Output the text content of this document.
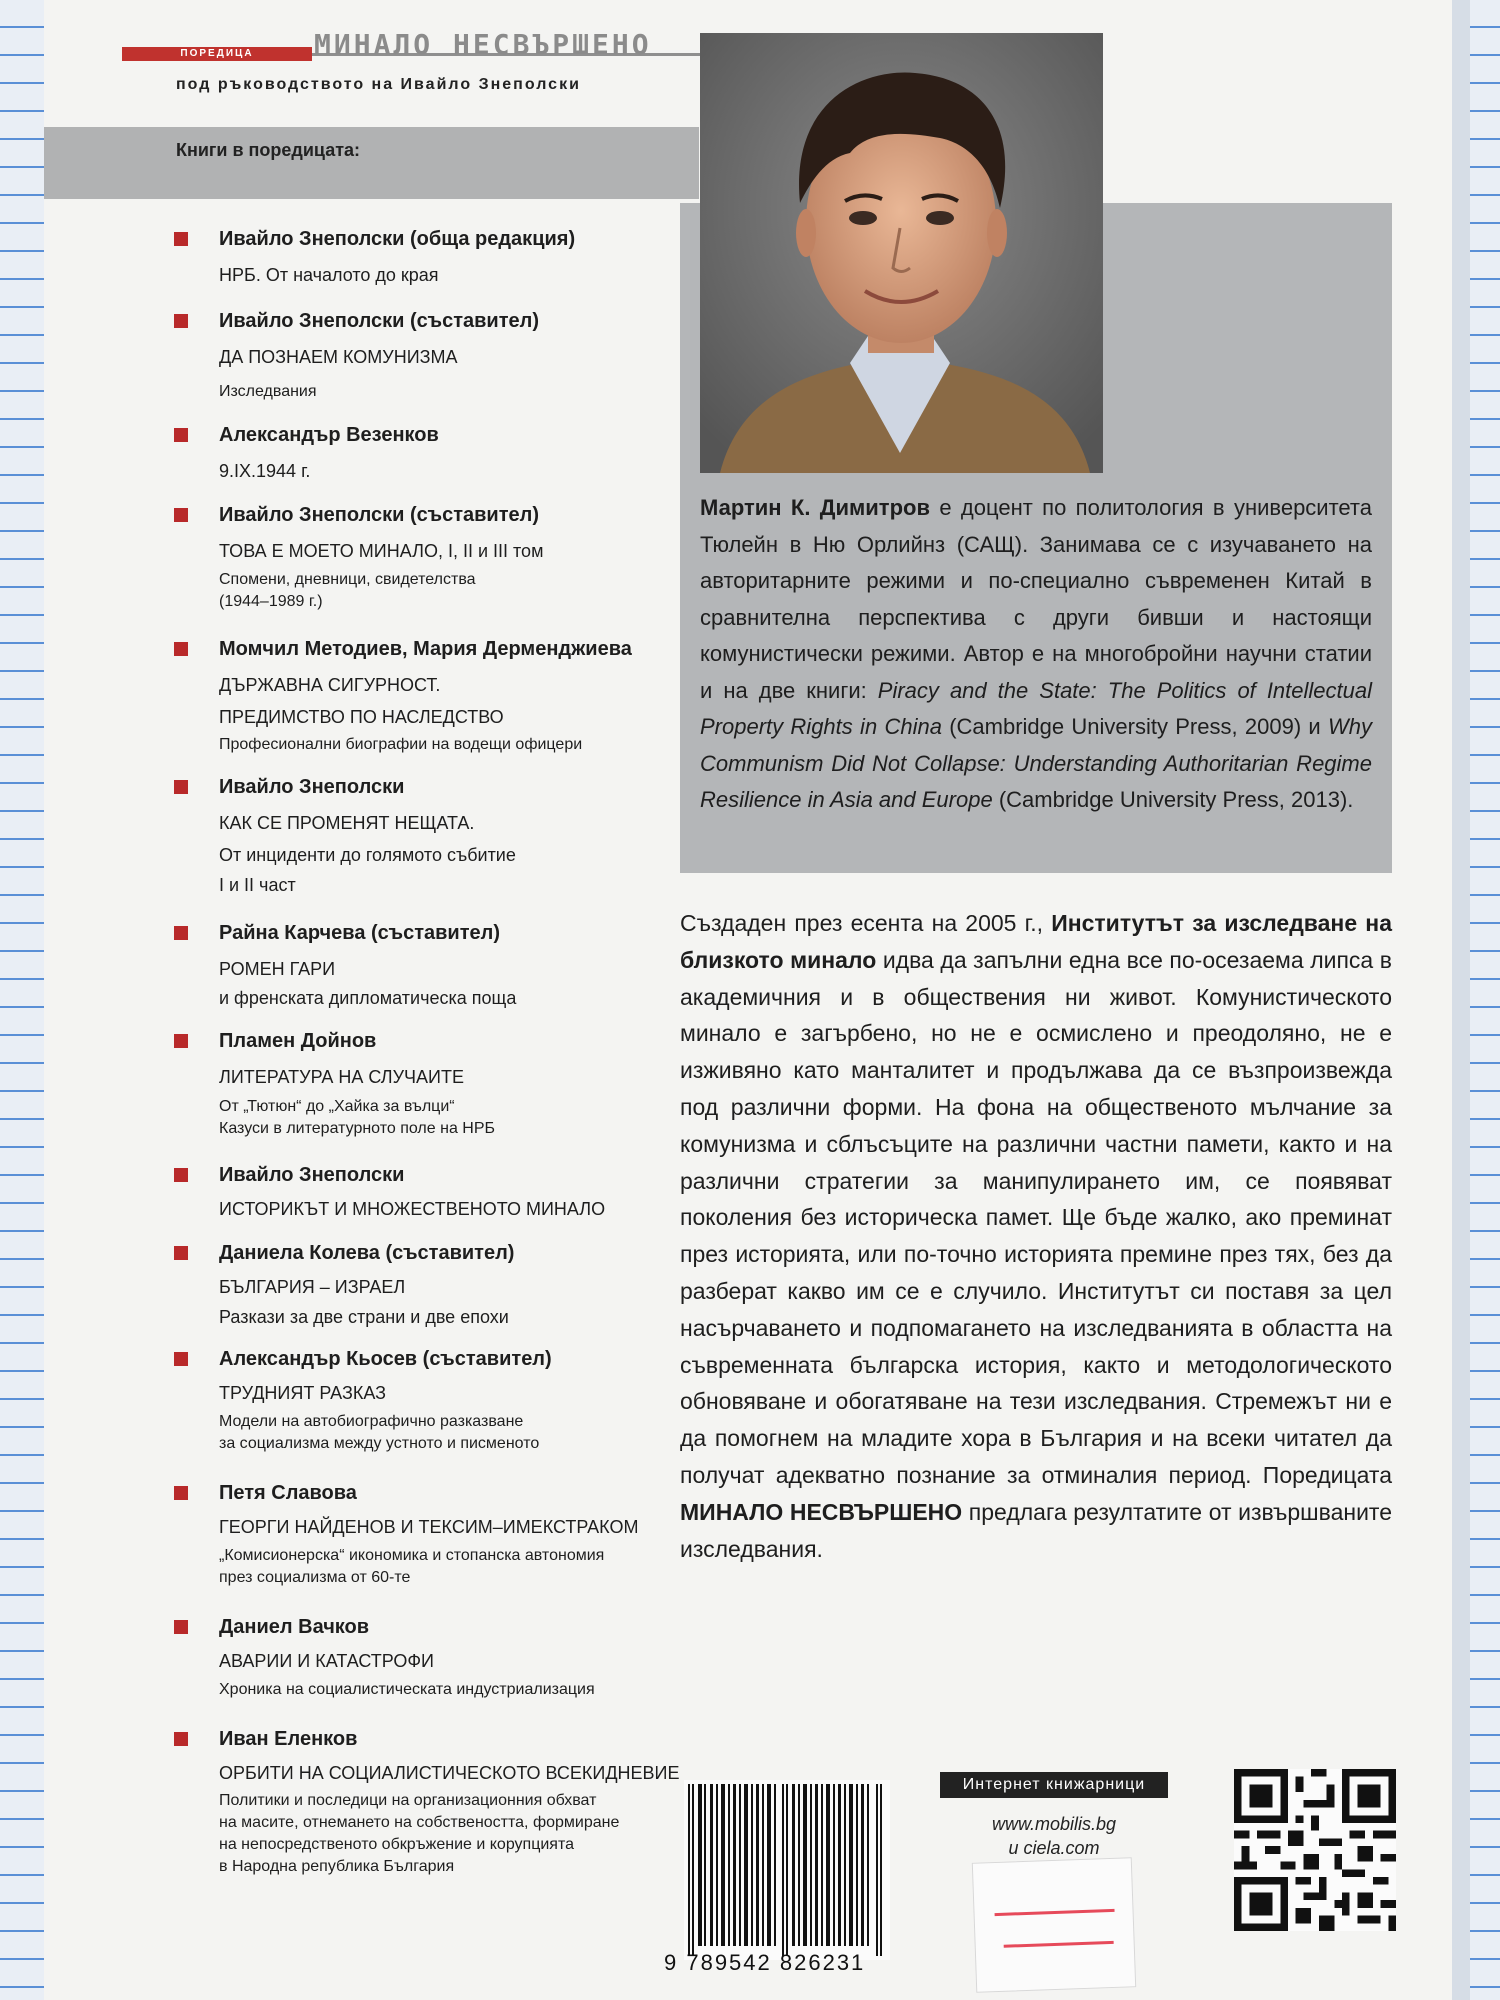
ПОРЕДИЦА	МИНАЛО НЕСВЪРШЕНО
под ръководството на Ивайло Знеполски
Книги в поредицата:
Ивайло Знеполски (обща редакция)
НРБ. От началото до края
Ивайло Знеполски (съставител)
ДА ПОЗНАЕМ КОМУНИЗМА
Изследвания
Александър Везенков
9.IX.1944 г.
Ивайло Знеполски (съставител)
ТОВА Е МОЕТО МИНАЛО, I, II и III том
Спомени, дневници, свидетелства
(1944–1989 г.)
Момчил Методиев, Мария Дерменджиева
ДЪРЖАВНА СИГУРНОСТ.
ПРЕДИМСТВО ПО НАСЛЕДСТВО
Професионални биографии на водещи офицери
Ивайло Знеполски
КАК СЕ ПРОМЕНЯТ НЕЩАТА.
От инциденти до голямото събитие
I и II част
Райна Карчева (съставител)
РОМЕН ГАРИ
и френската дипломатическа поща
Пламен Дойнов
ЛИТЕРАТУРА НА СЛУЧАИТЕ
От „Тютюн“ до „Хайка за вълци“
Казуси в литературното поле на НРБ
Ивайло Знеполски
ИСТОРИКЪТ И МНОЖЕСТВЕНОТО МИНАЛО
Даниела Колева (съставител)
БЪЛГАРИЯ – ИЗРАЕЛ
Разкази за две страни и две епохи
Александър Кьосев (съставител)
ТРУДНИЯТ РАЗКАЗ
Модели на автобиографично разказване
за социализма между устното и писменото
Петя Славова
ГЕОРГИ НАЙДЕНОВ И ТЕКСИМ–ИМЕКСТРАКОМ
„Комисионерска“ икономика и стопанска автономия
през социализма от 60-те
Даниел Вачков
АВАРИИ И КАТАСТРОФИ
Хроника на социалистическата индустриализация
Иван Еленков
ОРБИТИ НА СОЦИАЛИСТИЧЕСКОТО ВСЕКИДНЕВИЕ
Политики и последици на организационния обхват
на масите, отнемането на собствеността, формиране
на непосредственото обкръжение и корупцията
в Народна република България
Мартин К. Димитров е доцент по политология в университета Тюлейн в Ню Орлийнз (САЩ). Занимава се с изучаването на авторитарните режими и по-специално съвременен Китай в сравнителна перспектива с други бивши и настоящи комунистически режими. Автор е на многобройни научни статии и на две книги: Piracy and the State: The Politics of Intellectual Property Rights in China (Cambridge University Press, 2009) и Why Communism Did Not Collapse: Understanding Authoritarian Regime Resilience in Asia and Europe (Cambridge University Press, 2013).
Създаден през есента на 2005 г., Институтът за изследване на близкото минало идва да запълни една все по-осезаема липса в академичния и в обществения ни живот. Комунистическото минало е загърбено, но не е осмислено и преодоляно, не е изживяно като манталитет и продължава да се възпроизвежда под различни форми. На фона на общественото мълчание за комунизма и сблъсъците на различни частни памети, както и на различни стратегии за манипулирането им, се появяват поколения без историческа памет. Ще бъде жалко, ако преминат през историята, или по-точно историята премине през тях, без да разберат какво им се е случило. Институтът си поставя за цел насърчаването и подпомагането на изследванията в областта на съвременната българска история, както и методологическото обновяване и обогатяване на тези изследвания. Стремежът ни е да помогнем на младите хора в България и на всеки читател да получат адекватно познание за отминалия период. Поредицата МИНАЛО НЕСВЪРШЕНО предлага резултатите от извършваните изследвания.
9 789542 826231
Интернет книжарници
www.mobilis.bg
и ciela.com
